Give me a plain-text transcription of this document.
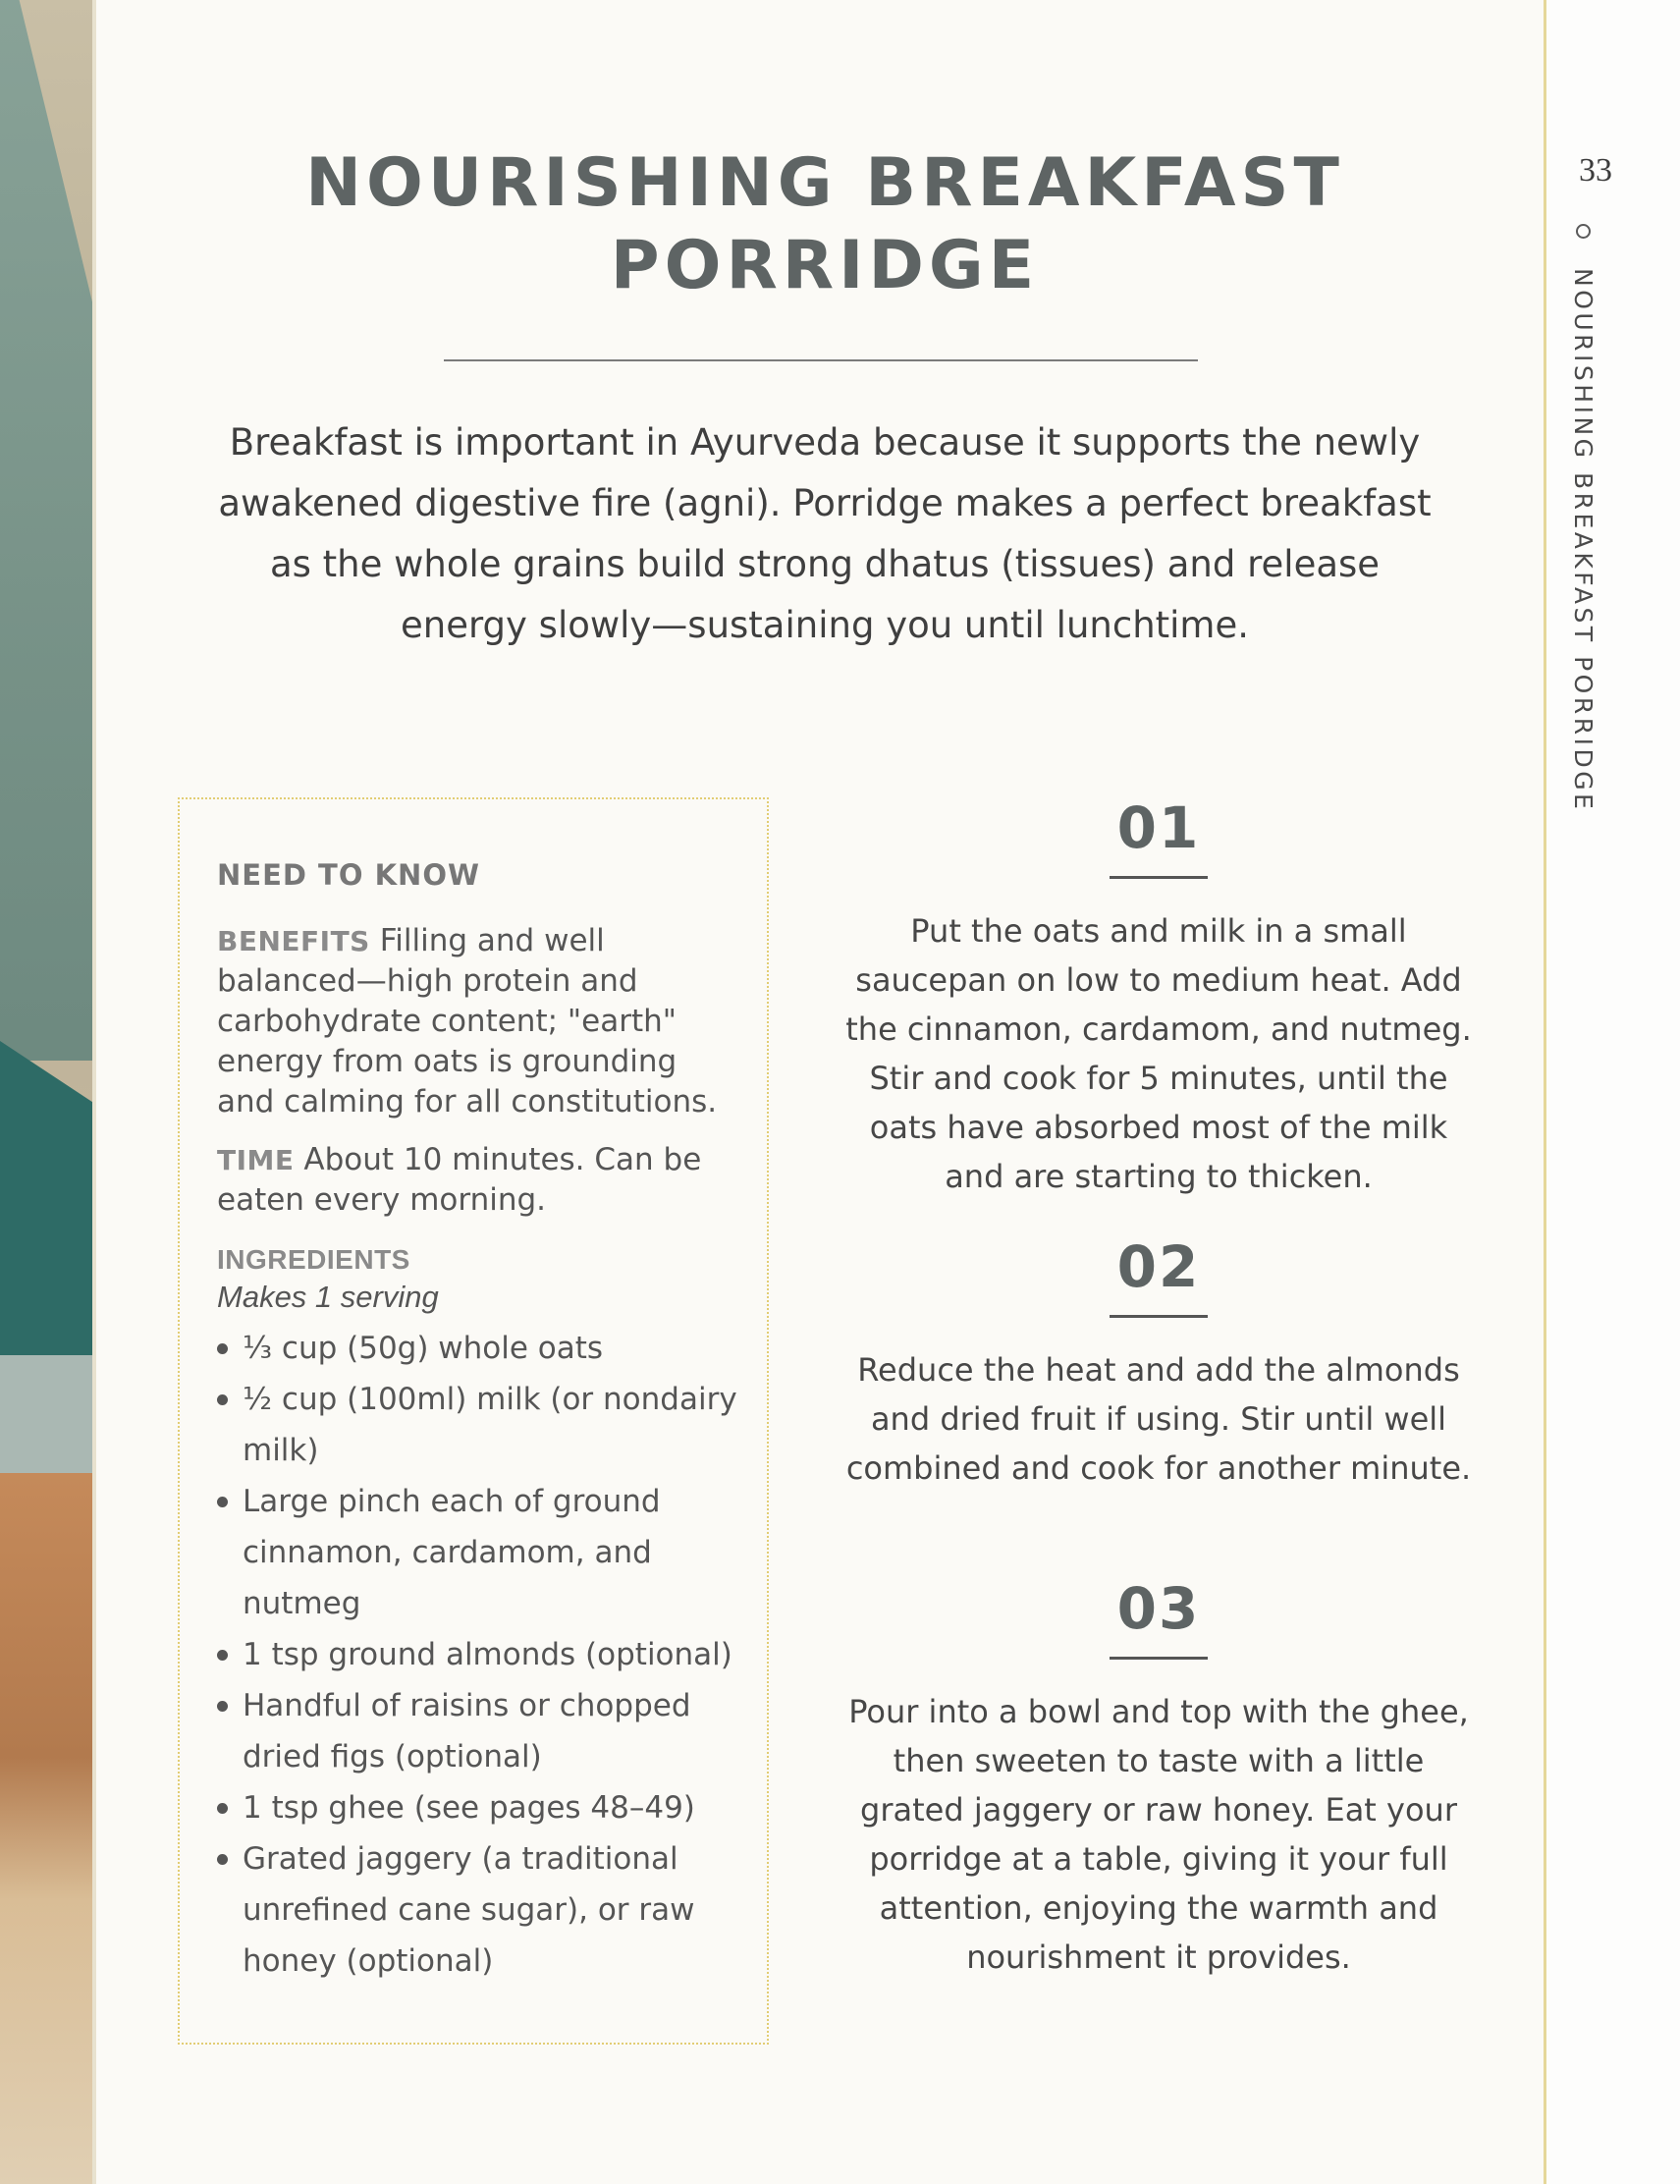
33
NOURISHING BREAKFAST PORRIDGE
NOURISHING BREAKFAST PORRIDGE
Breakfast is important in Ayurveda because it supports the newly awakened digestive fire (agni). Porridge makes a perfect breakfast as the whole grains build strong dhatus (tissues) and release energy slowly—sustaining you until lunchtime.
NEED TO KNOW

BENEFITS Filling and well balanced—high protein and carbohydrate content; "earth" energy from oats is grounding and calming for all constitutions.

TIME About 10 minutes. Can be eaten every morning.

INGREDIENTS
Makes 1 serving
⅓ cup (50g) whole oats
½ cup (100ml) milk (or nondairy milk)
Large pinch each of ground cinnamon, cardamom, and nutmeg
1 tsp ground almonds (optional)
Handful of raisins or chopped dried figs (optional)
1 tsp ghee (see pages 48–49)
Grated jaggery (a traditional unrefined cane sugar), or raw honey (optional)
01
Put the oats and milk in a small saucepan on low to medium heat. Add the cinnamon, cardamom, and nutmeg. Stir and cook for 5 minutes, until the oats have absorbed most of the milk and are starting to thicken.
02
Reduce the heat and add the almonds and dried fruit if using. Stir until well combined and cook for another minute.
03
Pour into a bowl and top with the ghee, then sweeten to taste with a little grated jaggery or raw honey. Eat your porridge at a table, giving it your full attention, enjoying the warmth and nourishment it provides.
